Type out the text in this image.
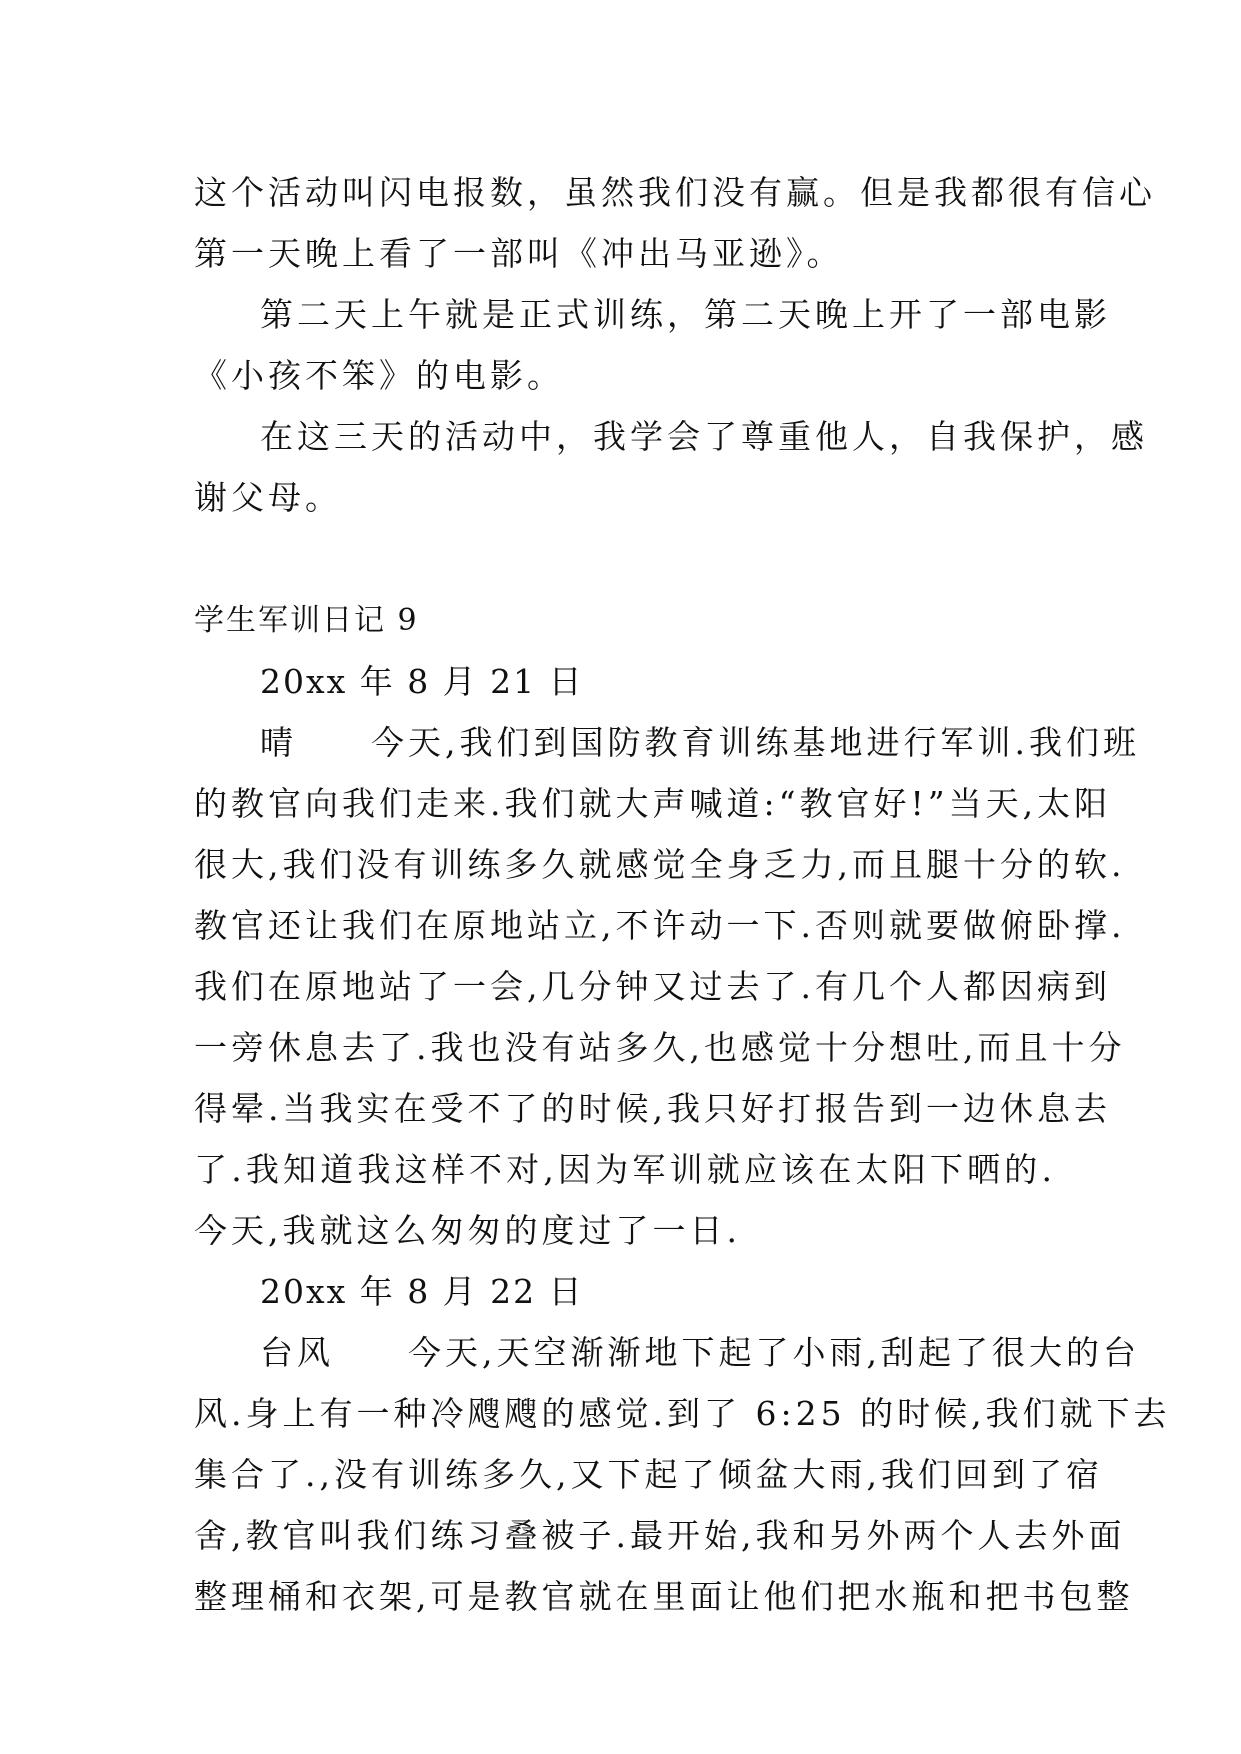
这个活动叫闪电报数，虽然我们没有赢。但是我都很有信心
第一天晚上看了一部叫《冲出马亚逊》。
第二天上午就是正式训练，第二天晚上开了一部电影
《小孩不笨》的电影。
在这三天的活动中，我学会了尊重他人，自我保护，感
谢父母。
学生军训日记 9
20xx 年 8 月 21 日
晴　　今天,我们到国防教育训练基地进行军训.我们班
的教官向我们走来.我们就大声喊道:“教官好!”当天,太阳
很大,我们没有训练多久就感觉全身乏力,而且腿十分的软.
教官还让我们在原地站立,不许动一下.否则就要做俯卧撑.
我们在原地站了一会,几分钟又过去了.有几个人都因病到
一旁休息去了.我也没有站多久,也感觉十分想吐,而且十分
得晕.当我实在受不了的时候,我只好打报告到一边休息去
了.我知道我这样不对,因为军训就应该在太阳下晒的.
今天,我就这么匆匆的度过了一日.
20xx 年 8 月 22 日
台风　　今天,天空渐渐地下起了小雨,刮起了很大的台
风.身上有一种冷飕飕的感觉.到了 6:25 的时候,我们就下去
集合了.,没有训练多久,又下起了倾盆大雨,我们回到了宿
舍,教官叫我们练习叠被子.最开始,我和另外两个人去外面
整理桶和衣架,可是教官就在里面让他们把水瓶和把书包整
